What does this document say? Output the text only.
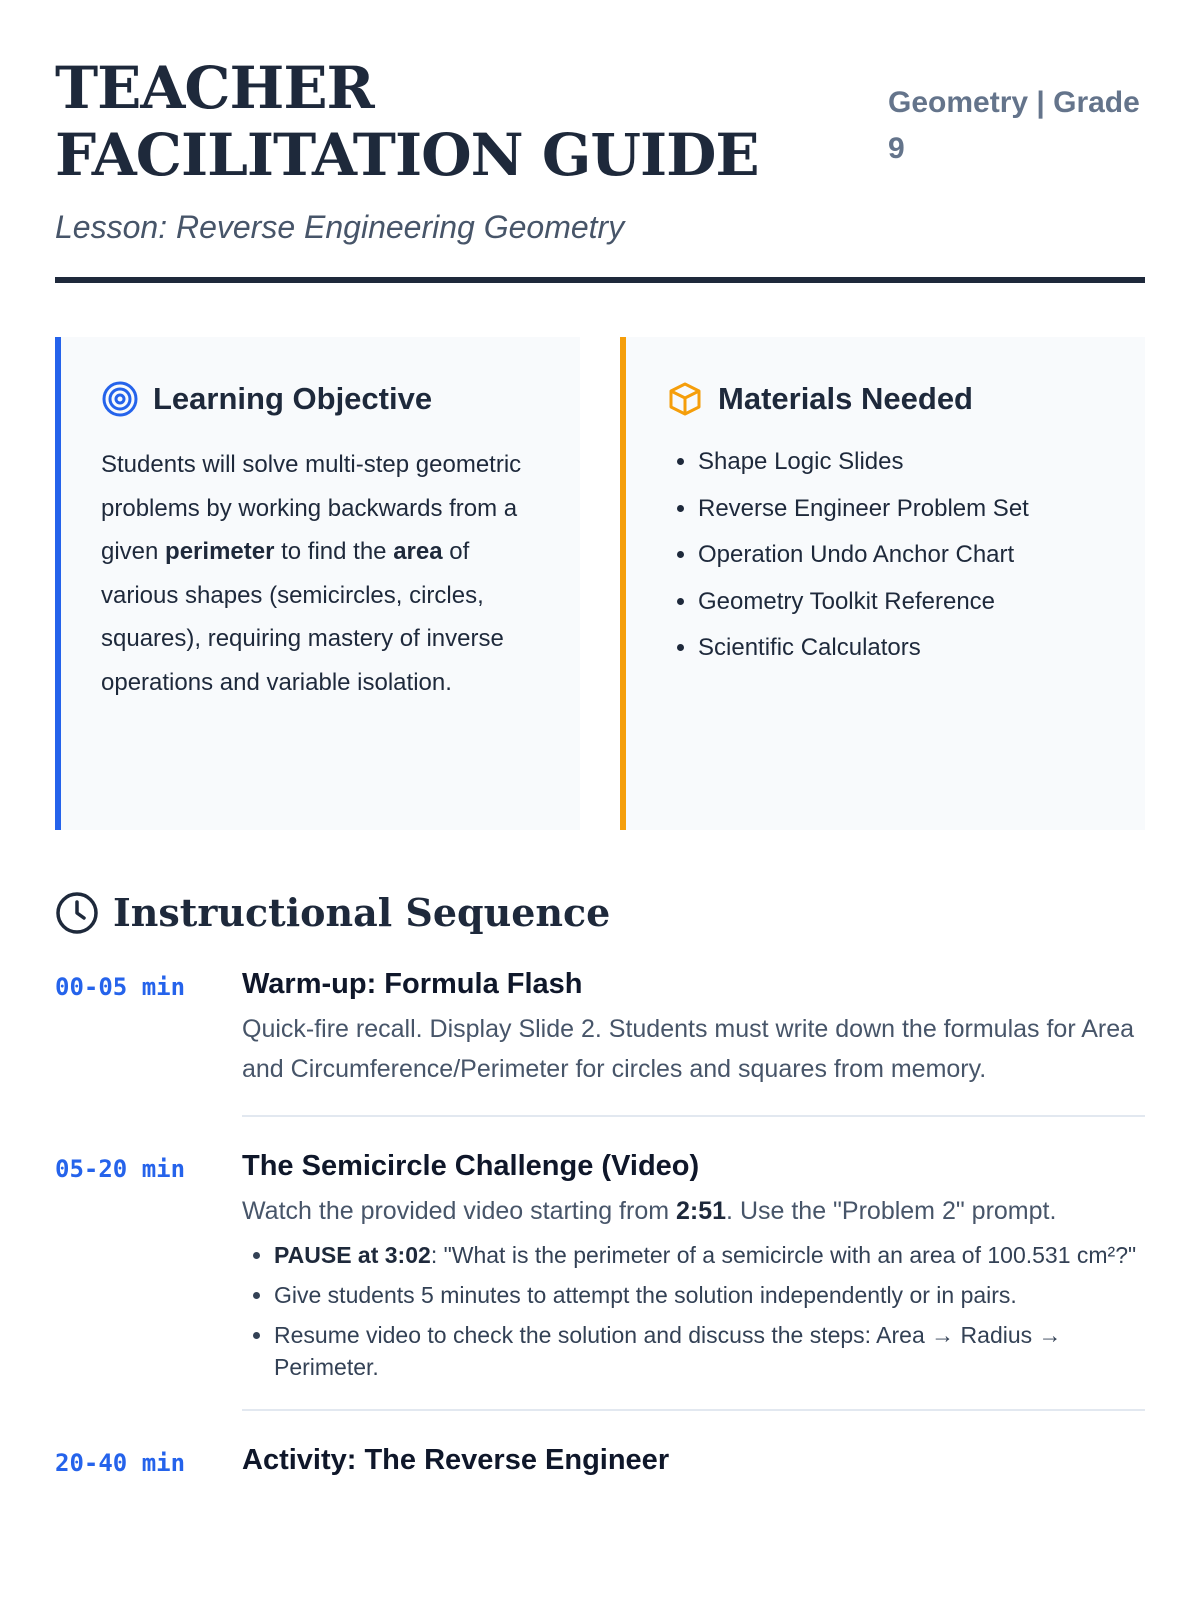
TEACHER FACILITATION GUIDE
Geometry | Grade 9
Lesson: Reverse Engineering Geometry
Learning Objective
Students will solve multi-step geometric problems by working backwards from a given perimeter to find the area of various shapes (semicircles, circles, squares), requiring mastery of inverse operations and variable isolation.
Materials Needed
• Shape Logic Slides
• Reverse Engineer Problem Set
• Operation Undo Anchor Chart
• Geometry Toolkit Reference
• Scientific Calculators
Instructional Sequence
00-05 min	Warm-up: Formula Flash
Quick-fire recall. Display Slide 2. Students must write down the formulas for Area and Circumference/Perimeter for circles and squares from memory.
05-20 min	The Semicircle Challenge (Video)
Watch the provided video starting from 2:51. Use the "Problem 2" prompt.
• PAUSE at 3:02: "What is the perimeter of a semicircle with an area of 100.531 cm²?"
• Give students 5 minutes to attempt the solution independently or in pairs.
• Resume video to check the solution and discuss the steps: Area → Radius → Perimeter.
20-40 min	Activity: The Reverse Engineer
